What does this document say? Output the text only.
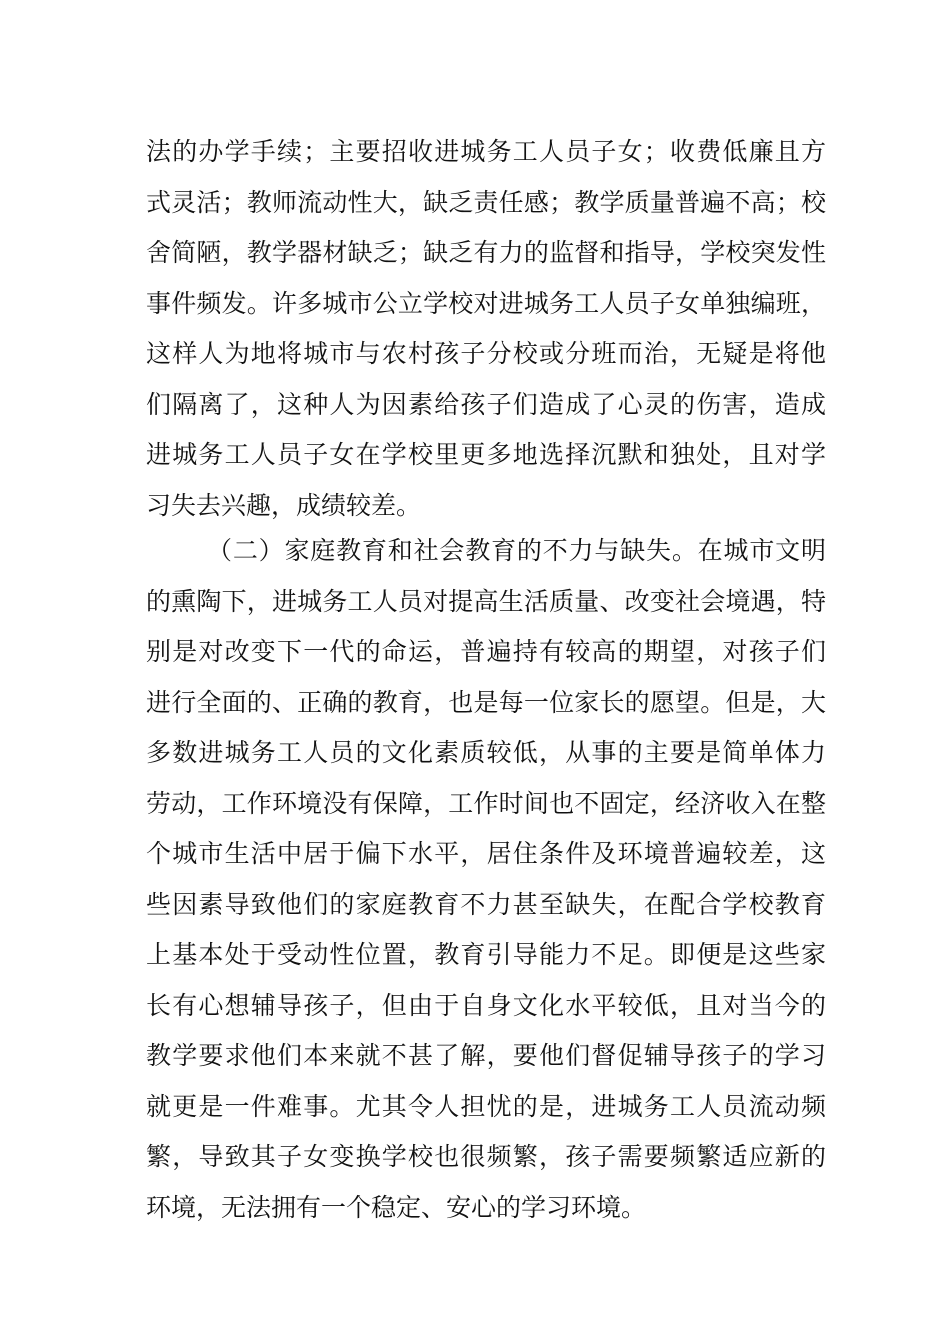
法的办学手续；主要招收进城务工人员子女；收费低廉且方
式灵活；教师流动性大，缺乏责任感；教学质量普遍不高；校
舍简陋，教学器材缺乏；缺乏有力的监督和指导，学校突发性
事件频发。许多城市公立学校对进城务工人员子女单独编班，
这样人为地将城市与农村孩子分校或分班而治，无疑是将他
们隔离了，这种人为因素给孩子们造成了心灵的伤害，造成
进城务工人员子女在学校里更多地选择沉默和独处，且对学
习失去兴趣，成绩较差。
（二）家庭教育和社会教育的不力与缺失。在城市文明
的熏陶下，进城务工人员对提高生活质量、改变社会境遇，特
别是对改变下一代的命运，普遍持有较高的期望，对孩子们
进行全面的、正确的教育，也是每一位家长的愿望。但是，大
多数进城务工人员的文化素质较低，从事的主要是简单体力
劳动，工作环境没有保障，工作时间也不固定，经济收入在整
个城市生活中居于偏下水平，居住条件及环境普遍较差，这
些因素导致他们的家庭教育不力甚至缺失，在配合学校教育
上基本处于受动性位置，教育引导能力不足。即便是这些家
长有心想辅导孩子，但由于自身文化水平较低，且对当今的
教学要求他们本来就不甚了解，要他们督促辅导孩子的学习
就更是一件难事。尤其令人担忧的是，进城务工人员流动频
繁，导致其子女变换学校也很频繁，孩子需要频繁适应新的
环境，无法拥有一个稳定、安心的学习环境。
